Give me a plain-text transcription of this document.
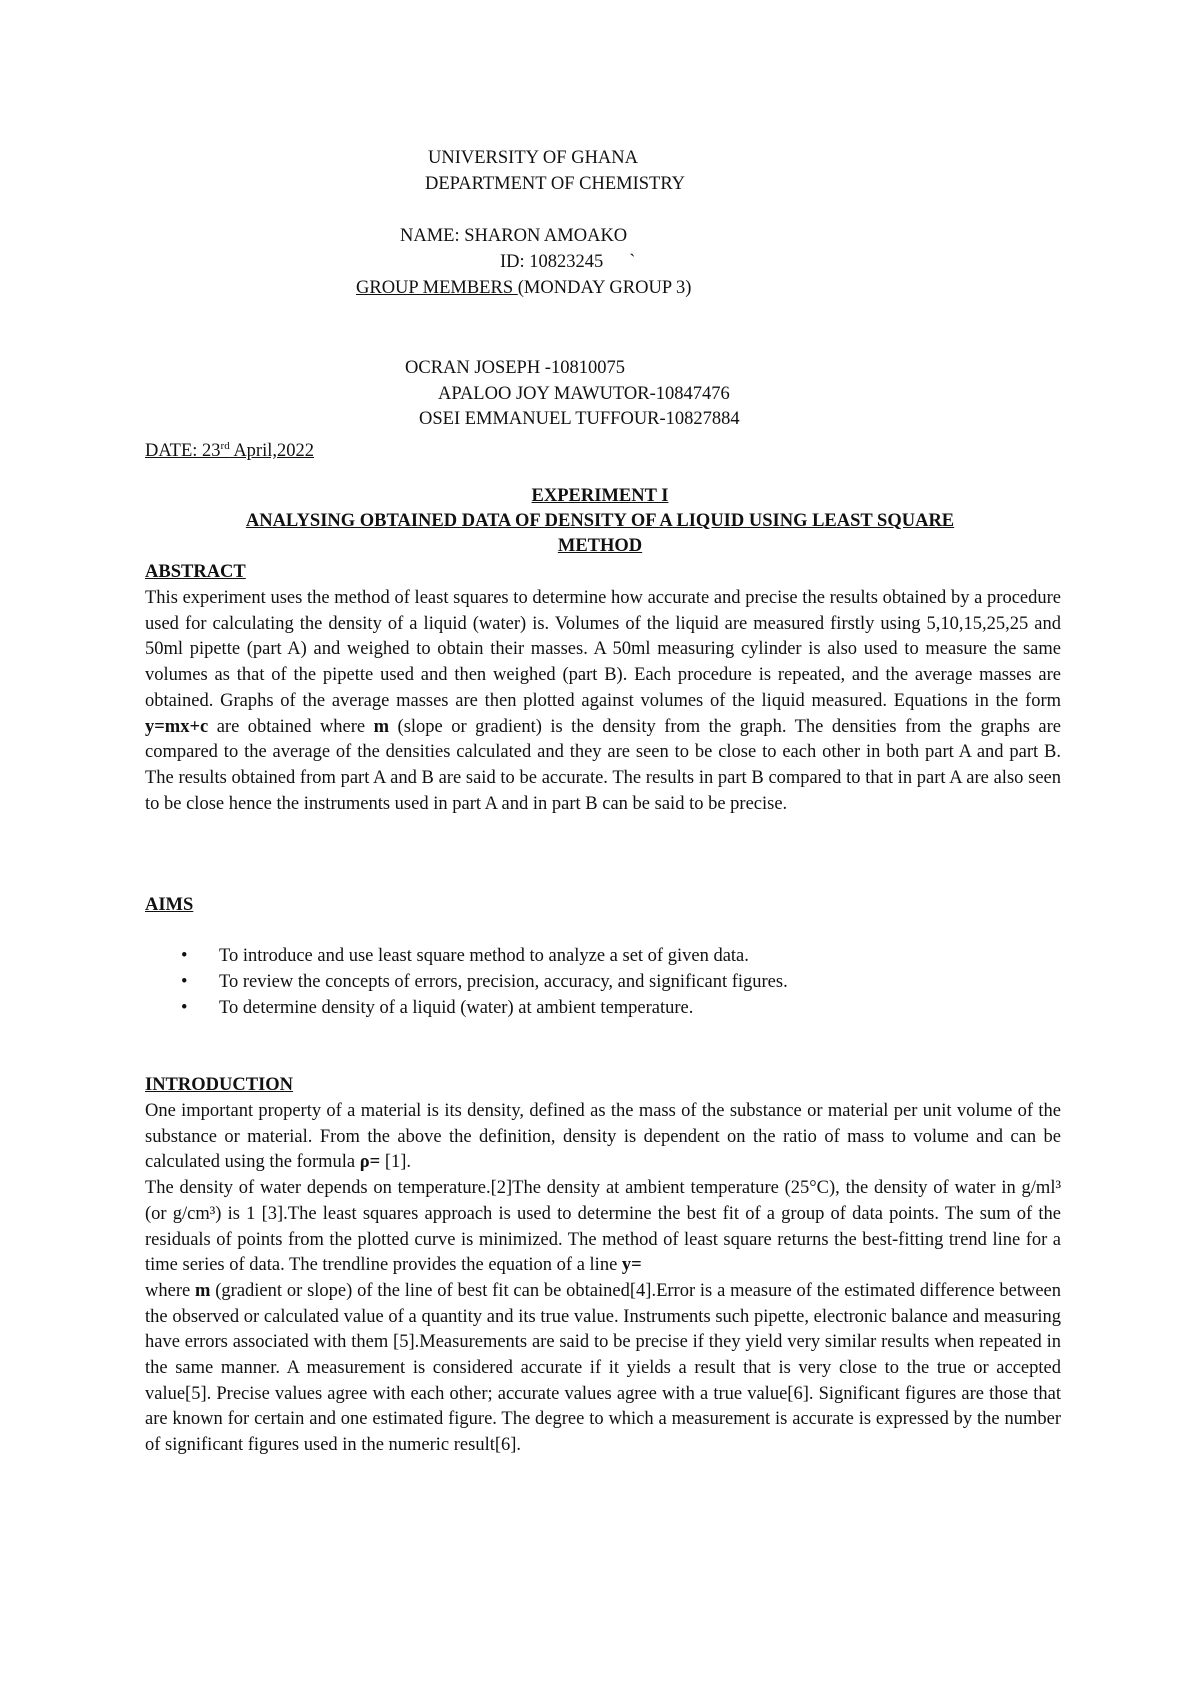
UNIVERSITY OF GHANA
DEPARTMENT OF CHEMISTRY
NAME: SHARON AMOAKO
ID: 10823245 `
GROUP MEMBERS (MONDAY GROUP 3)
OCRAN JOSEPH -10810075
APALOO JOY MAWUTOR-10847476
OSEI EMMANUEL TUFFOUR-10827884
DATE: 23rd April,2022
EXPERIMENT I
ANALYSING OBTAINED DATA OF DENSITY OF A LIQUID USING LEAST SQUARE
METHOD
ABSTRACT

This experiment uses the method of least squares to determine how accurate and precise the results obtained by a procedure used for calculating the density of a liquid (water) is. Volumes of the liquid are measured firstly using 5,10,15,25,25 and 50ml pipette (part A) and weighed to obtain their masses. A 50ml measuring cylinder is also used to measure the same volumes as that of the pipette used and then weighed (part B). Each procedure is repeated, and the average masses are obtained. Graphs of the average masses are then plotted against volumes of the liquid measured. Equations in the form y=mx+c are obtained where m (slope or gradient) is the density from the graph. The densities from the graphs are compared to the average of the densities calculated and they are seen to be close to each other in both part A and part B. The results obtained from part A and B are said to be accurate. The results in part B compared to that in part A are also seen to be close hence the instruments used in part A and in part B can be said to be precise.

AIMS
• To introduce and use least square method to analyze a set of given data.
• To review the concepts of errors, precision, accuracy, and significant figures.
• To determine density of a liquid (water) at ambient temperature.
INTRODUCTION

One important property of a material is its density, defined as the mass of the substance or material per unit volume of the substance or material. From the above the definition, density is dependent on the ratio of mass to volume and can be calculated using the formula ρ= [1].

The density of water depends on temperature.[2]The density at ambient temperature (25°C), the density of water in g/ml³ (or g/cm³) is 1 [3].The least squares approach is used to determine the best fit of a group of data points. The sum of the residuals of points from the plotted curve is minimized. The method of least square returns the best-fitting trend line for a time series of data. The trendline provides the equation of a line y=

where m (gradient or slope) of the line of best fit can be obtained[4].Error is a measure of the estimated difference between the observed or calculated value of a quantity and its true value. Instruments such pipette, electronic balance and measuring have errors associated with them [5].Measurements are said to be precise if they yield very similar results when repeated in the same manner. A measurement is considered accurate if it yields a result that is very close to the true or accepted value[5]. Precise values agree with each other; accurate values agree with a true value[6]. Significant figures are those that are known for certain and one estimated figure. The degree to which a measurement is accurate is expressed by the number of significant figures used in the numeric result[6].
